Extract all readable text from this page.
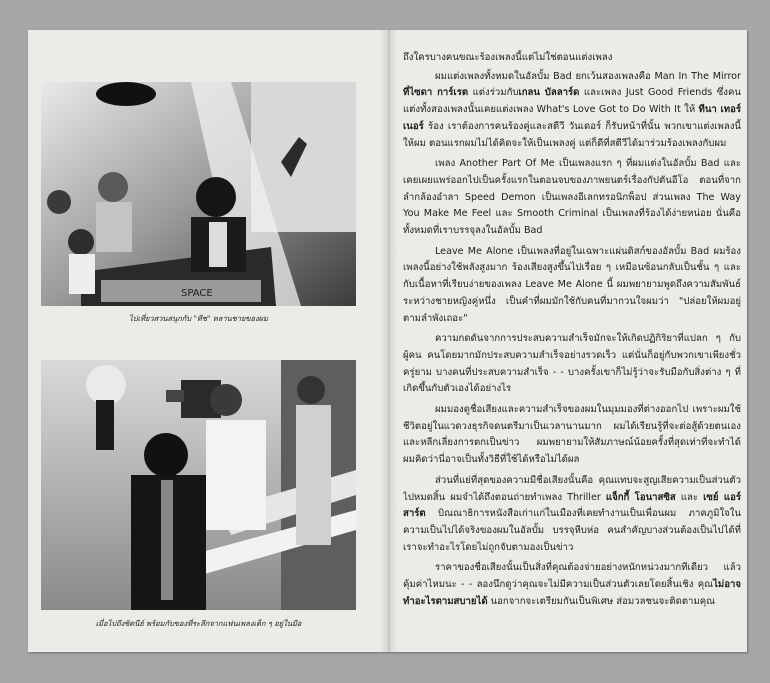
SPACE
ไปเที่ยวสวนสนุกกับ "ทีช" หลานชายของผม
เมื่อไปถึงซิดนีย์ พร้อมกับของที่ระลึกจากแฟนเพลงเด็ก ๆ อยู่ในมือ

ถึงใครบางคนขณะร้องเพลงนี้แต่ไม่ใช่ตอนแต่งเพลง

ผมแต่งเพลงทั้งหมดในอัลบั้ม Bad ยกเว้นสองเพลงคือ Man In The Mirror ที่ไซดา การ์เรต แต่งร่วมกับเกลน บัลลาร์ด และเพลง Just Good Friends ซึ่งคนแต่งทั้งสองเพลงนั้นเคยแต่งเพลง What's Love Got to Do With It ให้ ทีนา เทอร์เนอร์ ร้อง เราต้องการคนร้องคู่และสตีวี วันเดอร์ ก็รับหน้าที่นั้น พวกเขาแต่งเพลงนี้ให้ผม ตอนแรกผมไม่ได้คิดจะให้เป็นเพลงคู่ แต่ก็ดีที่สตีวีได้มาร่วมร้องเพลงกับผม

เพลง Another Part Of Me เป็นเพลงแรก ๆ ที่ผมแต่งในอัลบั้ม Bad และเคยเผยแพร่ออกไปเป็นครั้งแรกในตอนจบของภาพยนตร์เรื่องกัปตันอีโอ ตอนที่จากลำกล้องอำลา Speed Demon เป็นเพลงอีเลกทรอนิกพ็อป ส่วนเพลง The Way You Make Me Feel และ Smooth Criminal เป็นเพลงที่ร้องได้ง่ายหน่อย นั่นคือทั้งหมดที่เราบรรจุลงในอัลบั้ม Bad

Leave Me Alone เป็นเพลงที่อยู่ในเฉพาะแผ่นดิสก์ของอัลบั้ม Bad ผมร้องเพลงนี้อย่างใช้พลังสูงมาก ร้องเสียงสูงขึ้นไปเรื่อย ๆ เหมือนซ้อนกลับเป็นชั้น ๆ และกับเนื้อหาที่เรียบง่ายของเพลง Leave Me Alone นี้ ผมพยายามพูดถึงความสัมพันธ์ระหว่างชายหญิงคู่หนึ่ง เป็นคำที่ผมมักใช้กับคนที่มากวนใจผมว่า "ปล่อยให้ผมอยู่ตามลำพังเถอะ"

ความกดดันจากการประสบความสำเร็จมักจะให้เกิดปฏิกิริยาที่แปลก ๆ กับผู้คน คนโดยมากมักประสบความสำเร็จอย่างรวดเร็ว แต่นั่นก็อยู่กับพวกเขาเพียงชั่วครู่ยาม บางคนที่ประสบความสำเร็จ - - บางครั้งเขาก็ไม่รู้ว่าจะรับมือกับสิ่งต่าง ๆ ที่เกิดขึ้นกับตัวเองได้อย่างไร

ผมมองดูชื่อเสียงและความสำเร็จของผมในมุมมองที่ต่างออกไป เพราะผมใช้ชีวิตอยู่ในแวดวงธุรกิจดนตรีมาเป็นเวลานานมาก ผมได้เรียนรู้ที่จะต่อสู้ด้วยตนเอง และหลีกเลี่ยงการตกเป็นข่าว ผมพยายามให้สัมภาษณ์น้อยครั้งที่สุดเท่าที่จะทำได้ ผมคิดว่านี่อาจเป็นทั้งวิธีที่ใช้ได้หรือไม่ได้ผล

ส่วนที่แย่ที่สุดของความมีชื่อเสียงนั้นคือ คุณแทบจะสูญเสียความเป็นส่วนตัวไปหมดสิ้น ผมจำได้ถึงตอนถ่ายทำเพลง Thriller แจ็กกี้ โอนาสซิส และ เซย์ แอร์สาร์ต บิณณาธิการหนังสือเก่าแก่ในเมืองที่เคยทำงานเป็นเพื่อนผม ภาคภูมิใจในความเป็นไปได้จริงของผมในอัลบั้ม บรรจุหีบห่อ คนสำคัญบางส่วนต้องเป็นไปได้ที่เราจะทำอะไรโดยไม่ถูกจับตามองเป็นข่าว

ราคาของชื่อเสียงนั้นเป็นสิ่งที่คุณต้องจ่ายอย่างหนักหน่วงมากทีเดียว แล้วคุ้มค่าไหมนะ - - ลองนึกดูว่าคุณจะไม่มีความเป็นส่วนตัวเลยโดยสิ้นเชิง คุณไม่อาจทำอะไรตามสบายได้ นอกจากจะเตรียมกันเป็นพิเศษ ส่อมวลชนจะติดตามคุณ
